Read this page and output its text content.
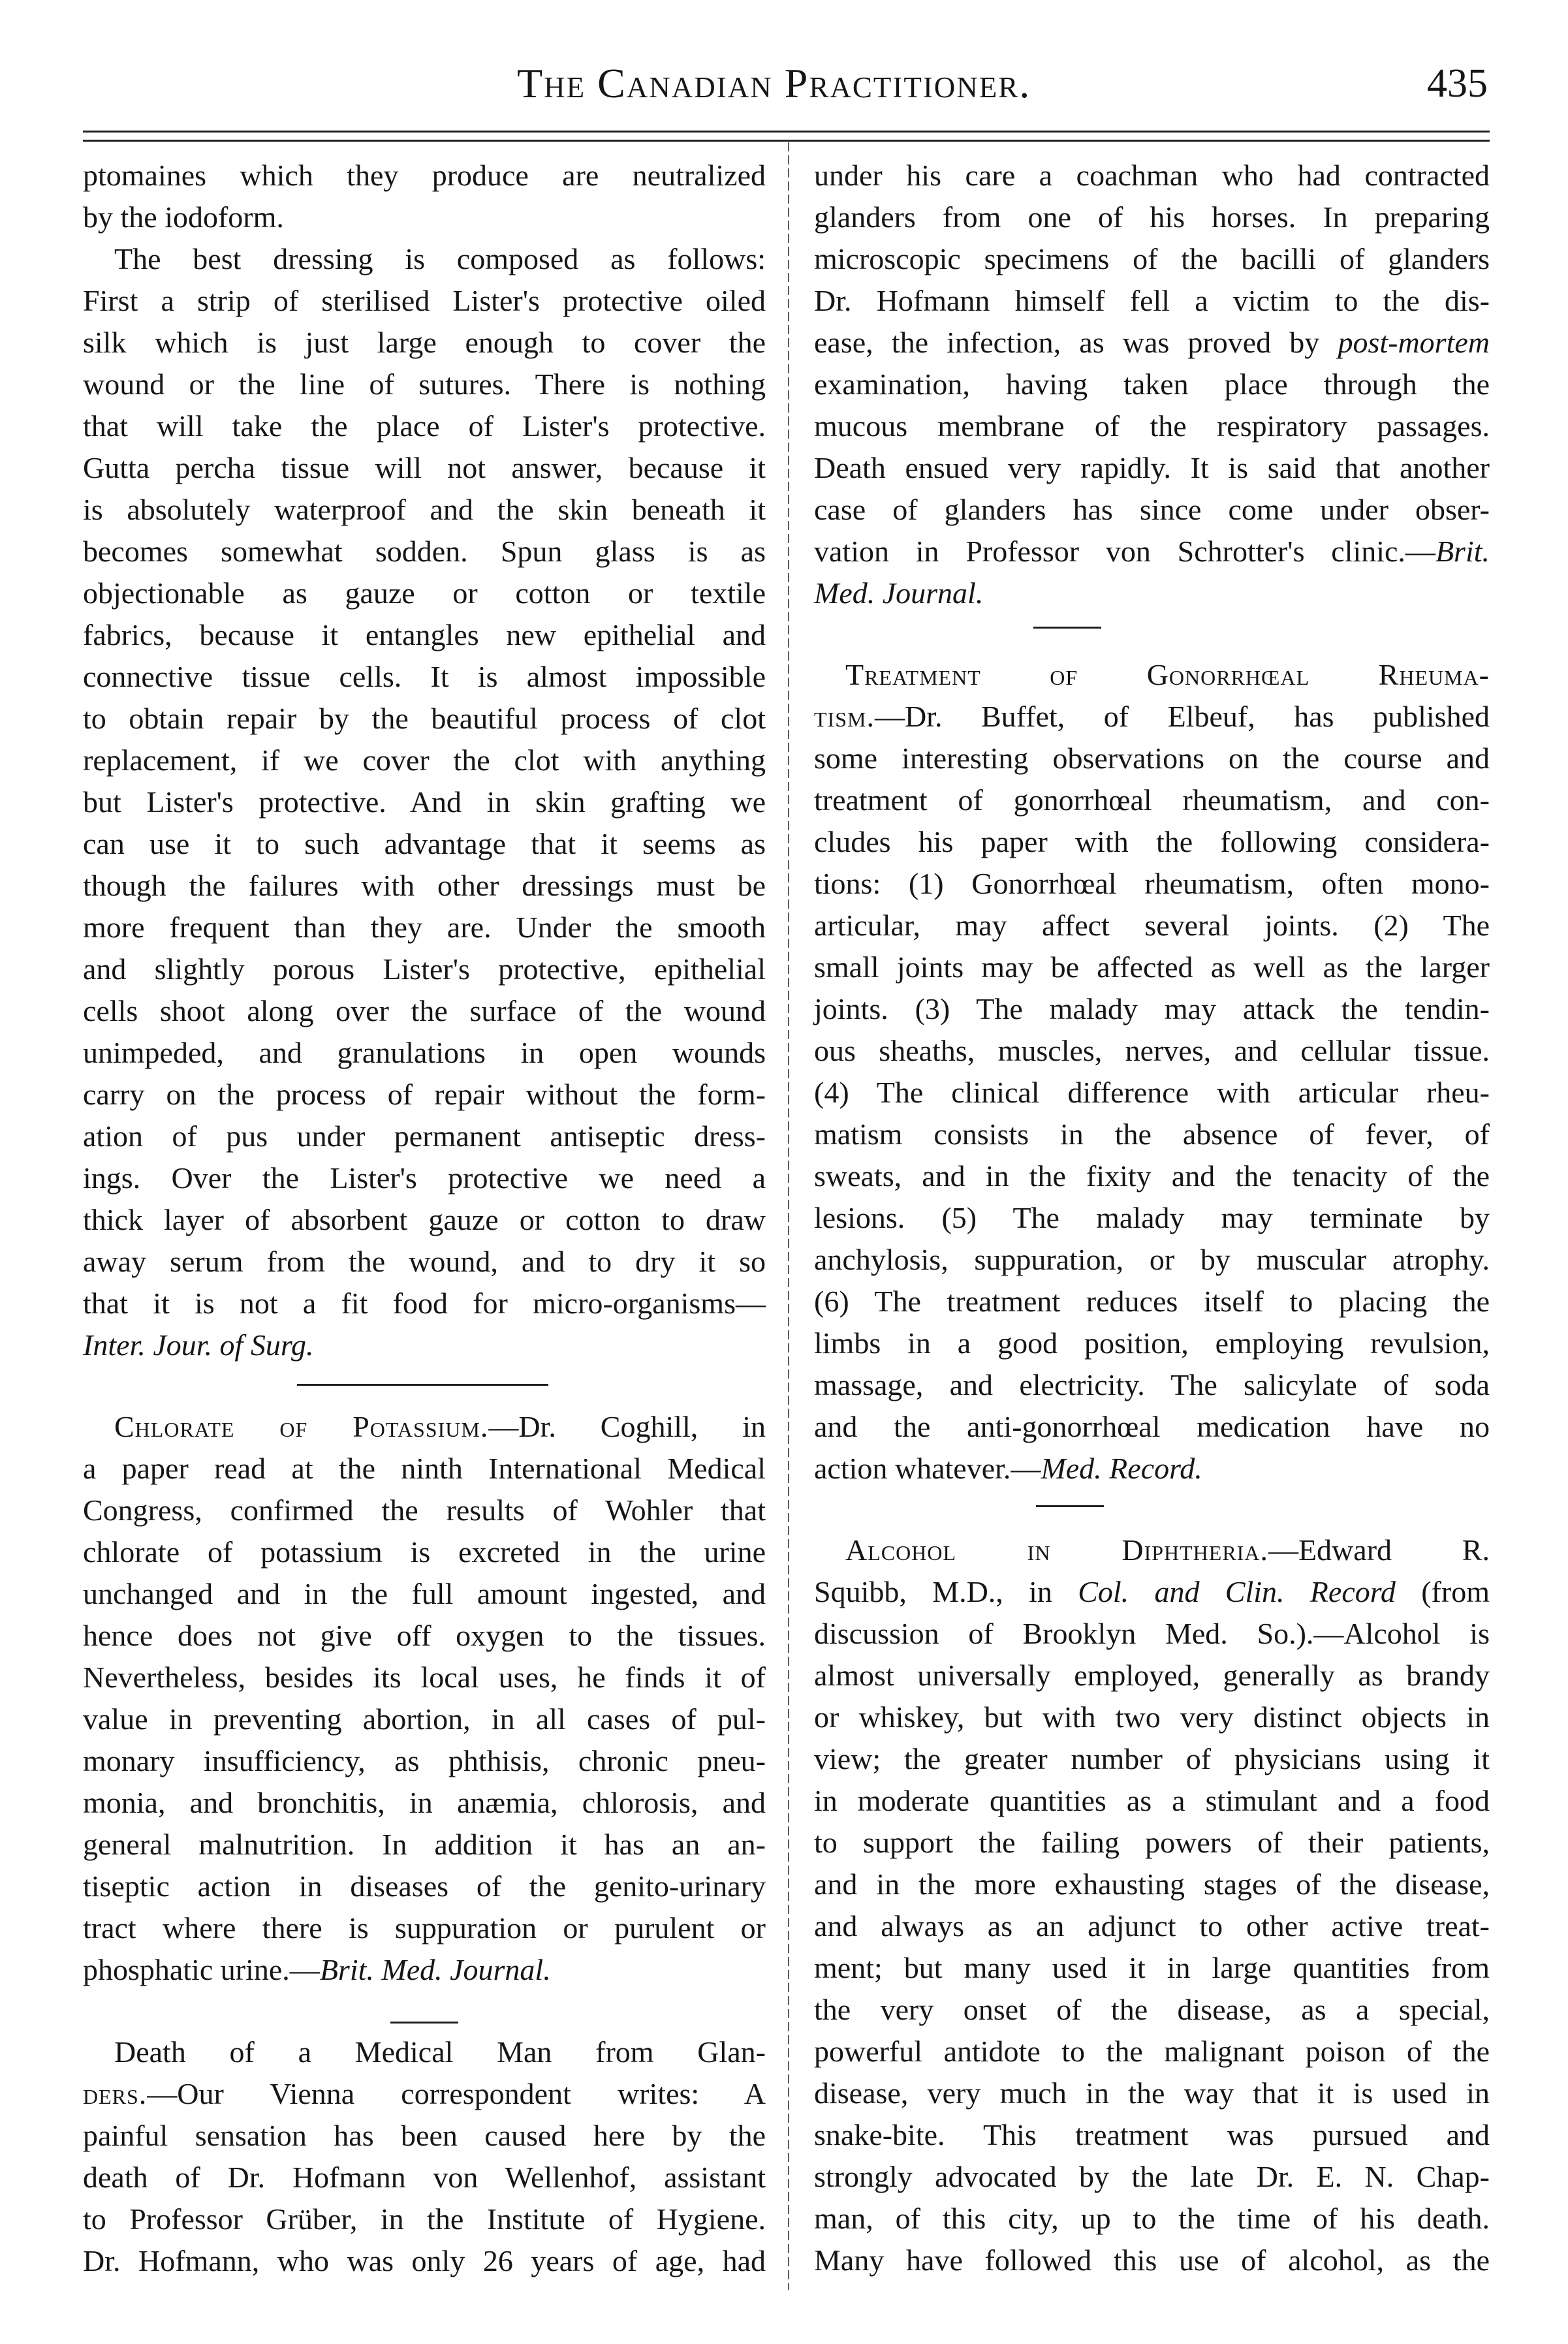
The Canadian Practitioner.	435
ptomaines which they produce are neutralized
by the iodoform.
The best dressing is composed as follows:
First a strip of sterilised Lister's protective oiled
silk which is just large enough to cover the
wound or the line of sutures. There is nothing
that will take the place of Lister's protective.
Gutta percha tissue will not answer, because it
is absolutely waterproof and the skin beneath it
becomes somewhat sodden. Spun glass is as
objectionable as gauze or cotton or textile
fabrics, because it entangles new epithelial and
connective tissue cells. It is almost impossible
to obtain repair by the beautiful process of clot
replacement, if we cover the clot with anything
but Lister's protective. And in skin grafting we
can use it to such advantage that it seems as
though the failures with other dressings must be
more frequent than they are. Under the smooth
and slightly porous Lister's protective, epithelial
cells shoot along over the surface of the wound
unimpeded, and granulations in open wounds
carry on the process of repair without the form-
ation of pus under permanent antiseptic dress-
ings. Over the Lister's protective we need a
thick layer of absorbent gauze or cotton to draw
away serum from the wound, and to dry it so
that it is not a fit food for micro-organisms—
Inter. Jour. of Surg.
Chlorate of Potassium.—Dr. Coghill, in
a paper read at the ninth International Medical
Congress, confirmed the results of Wohler that
chlorate of potassium is excreted in the urine
unchanged and in the full amount ingested, and
hence does not give off oxygen to the tissues.
Nevertheless, besides its local uses, he finds it of
value in preventing abortion, in all cases of pul-
monary insufficiency, as phthisis, chronic pneu-
monia, and bronchitis, in anæmia, chlorosis, and
general malnutrition. In addition it has an an-
tiseptic action in diseases of the genito-urinary
tract where there is suppuration or purulent or
phosphatic urine.—Brit. Med. Journal.
Death of a Medical Man from Glan-
ders.—Our Vienna correspondent writes: A
painful sensation has been caused here by the
death of Dr. Hofmann von Wellenhof, assistant
to Professor Grüber, in the Institute of Hygiene.
Dr. Hofmann, who was only 26 years of age, had
under his care a coachman who had contracted
glanders from one of his horses. In preparing
microscopic specimens of the bacilli of glanders
Dr. Hofmann himself fell a victim to the dis-
ease, the infection, as was proved by post-mortem
examination, having taken place through the
mucous membrane of the respiratory passages.
Death ensued very rapidly. It is said that another
case of glanders has since come under obser-
vation in Professor von Schrotter's clinic.—Brit.
Med. Journal.
Treatment of Gonorrhœal Rheuma-
tism.—Dr. Buffet, of Elbeuf, has published
some interesting observations on the course and
treatment of gonorrhœal rheumatism, and con-
cludes his paper with the following considera-
tions: (1) Gonorrhœal rheumatism, often mono-
articular, may affect several joints. (2) The
small joints may be affected as well as the larger
joints. (3) The malady may attack the tendin-
ous sheaths, muscles, nerves, and cellular tissue.
(4) The clinical difference with articular rheu-
matism consists in the absence of fever, of
sweats, and in the fixity and the tenacity of the
lesions. (5) The malady may terminate by
anchylosis, suppuration, or by muscular atrophy.
(6) The treatment reduces itself to placing the
limbs in a good position, employing revulsion,
massage, and electricity. The salicylate of soda
and the anti-gonorrhœal medication have no
action whatever.—Med. Record.
Alcohol in Diphtheria.—Edward R.
Squibb, M.D., in Col. and Clin. Record (from
discussion of Brooklyn Med. So.).—Alcohol is
almost universally employed, generally as brandy
or whiskey, but with two very distinct objects in
view; the greater number of physicians using it
in moderate quantities as a stimulant and a food
to support the failing powers of their patients,
and in the more exhausting stages of the disease,
and always as an adjunct to other active treat-
ment; but many used it in large quantities from
the very onset of the disease, as a special,
powerful antidote to the malignant poison of the
disease, very much in the way that it is used in
snake-bite. This treatment was pursued and
strongly advocated by the late Dr. E. N. Chap-
man, of this city, up to the time of his death.
Many have followed this use of alcohol, as the
